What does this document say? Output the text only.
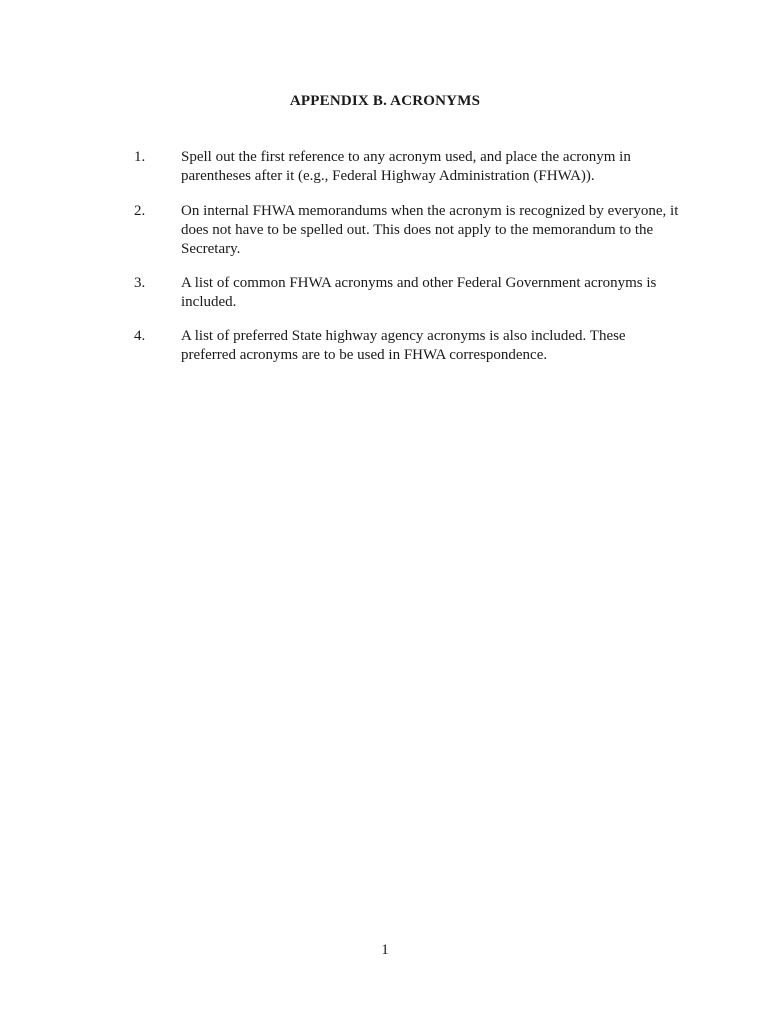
APPENDIX B. ACRONYMS
1.	Spell out the first reference to any acronym used, and place the acronym in parentheses after it (e.g., Federal Highway Administration (FHWA)).
2.	On internal FHWA memorandums when the acronym is recognized by everyone, it does not have to be spelled out. This does not apply to the memorandum to the Secretary.
3.	A list of common FHWA acronyms and other Federal Government acronyms is included.
4.	A list of preferred State highway agency acronyms is also included. These preferred acronyms are to be used in FHWA correspondence.
1
